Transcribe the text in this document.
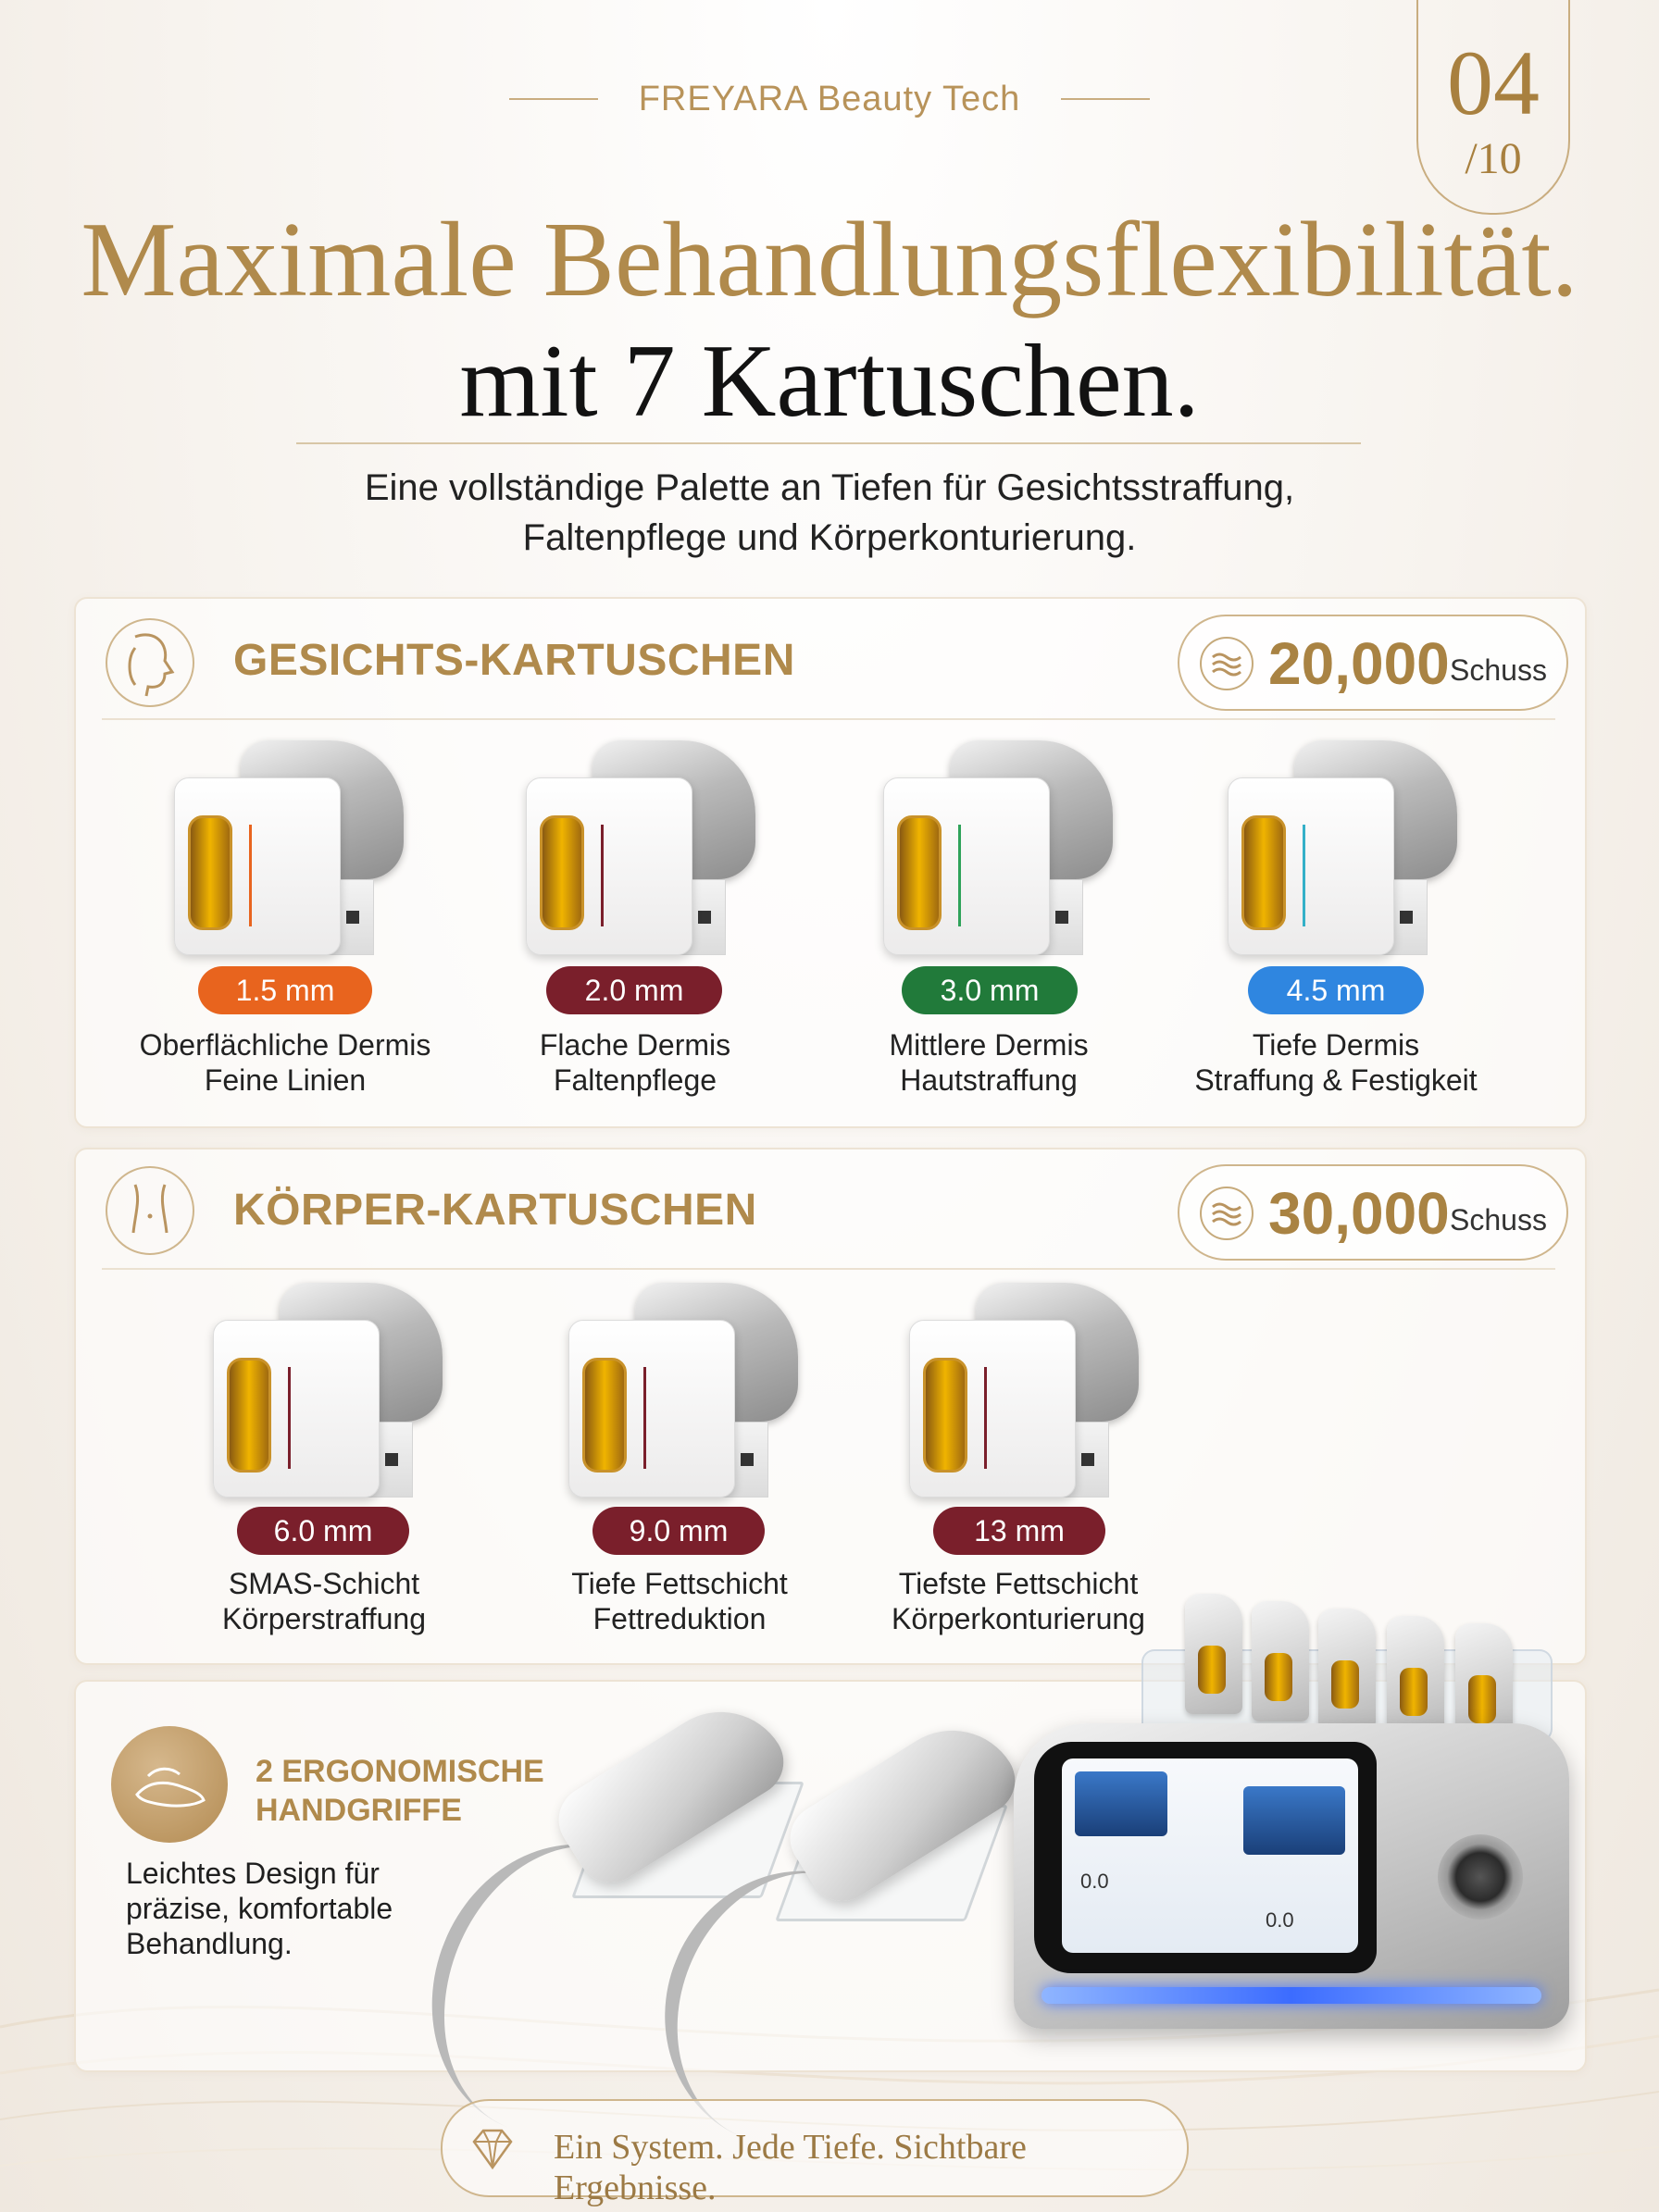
FREYARA Beauty Tech	04
/10
Maximale Behandlungsflexibilität.
mit 7 Kartuschen.
Eine vollständige Palette an Tiefen für Gesichtsstraffung,
Faltenpflege und Körperkonturierung.
GESICHTS-KARTUSCHEN	20,000 Schuss
1.5 mm
Oberflächliche Dermis
Feine Linien
2.0 mm
Flache Dermis
Faltenpflege
3.0 mm
Mittlere Dermis
Hautstraffung
4.5 mm
Tiefe Dermis
Straffung & Festigkeit
KÖRPER-KARTUSCHEN	30,000 Schuss
6.0 mm
SMAS-Schicht
Körperstraffung
9.0 mm
Tiefe Fettschicht
Fettreduktion
13 mm
Tiefste Fettschicht
Körperkonturierung
2 ERGONOMISCHE
HANDGRIFFE
Leichtes Design für
präzise, komfortable
Behandlung.
0.0
0.0
Ein System. Jede Tiefe. Sichtbare Ergebnisse.
